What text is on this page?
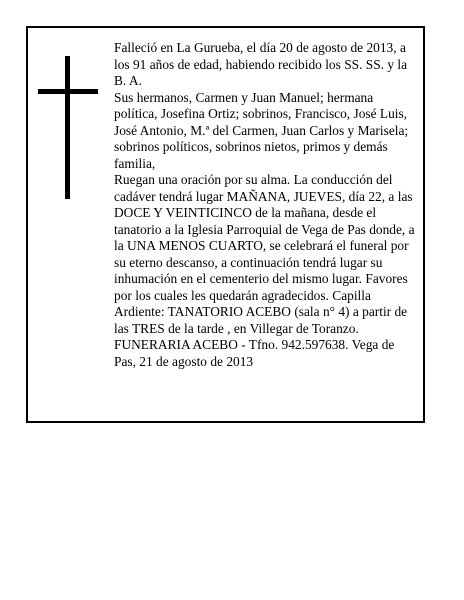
Falleció en La Gurueba, el día 20 de agosto de 2013, a los 91 años de edad, habiendo recibido los SS. SS. y la B. A.

Sus hermanos, Carmen y Juan Manuel; hermana política, Josefina Ortiz; sobrinos, Francisco, José Luis, José Antonio, M.ª del Carmen, Juan Carlos y Marisela; sobrinos políticos, sobrinos nietos, primos y demás familia,

Ruegan una oración por su alma. La conducción del cadáver tendrá lugar MAÑANA, JUEVES, día 22, a las DOCE Y VEINTICINCO de la mañana, desde el tanatorio a la Iglesia Parroquial de Vega de Pas donde, a la UNA MENOS CUARTO, se celebrará el funeral por su eterno descanso, a continuación tendrá lugar su inhumación en el cementerio del mismo lugar. Favores por los cuales les quedarán agradecidos. Capilla Ardiente: TANATORIO ACEBO (sala n° 4) a partir de las TRES de la tarde , en Villegar de Toranzo. FUNERARIA ACEBO - Tfno. 942.597638. Vega de Pas, 21 de agosto de 2013
